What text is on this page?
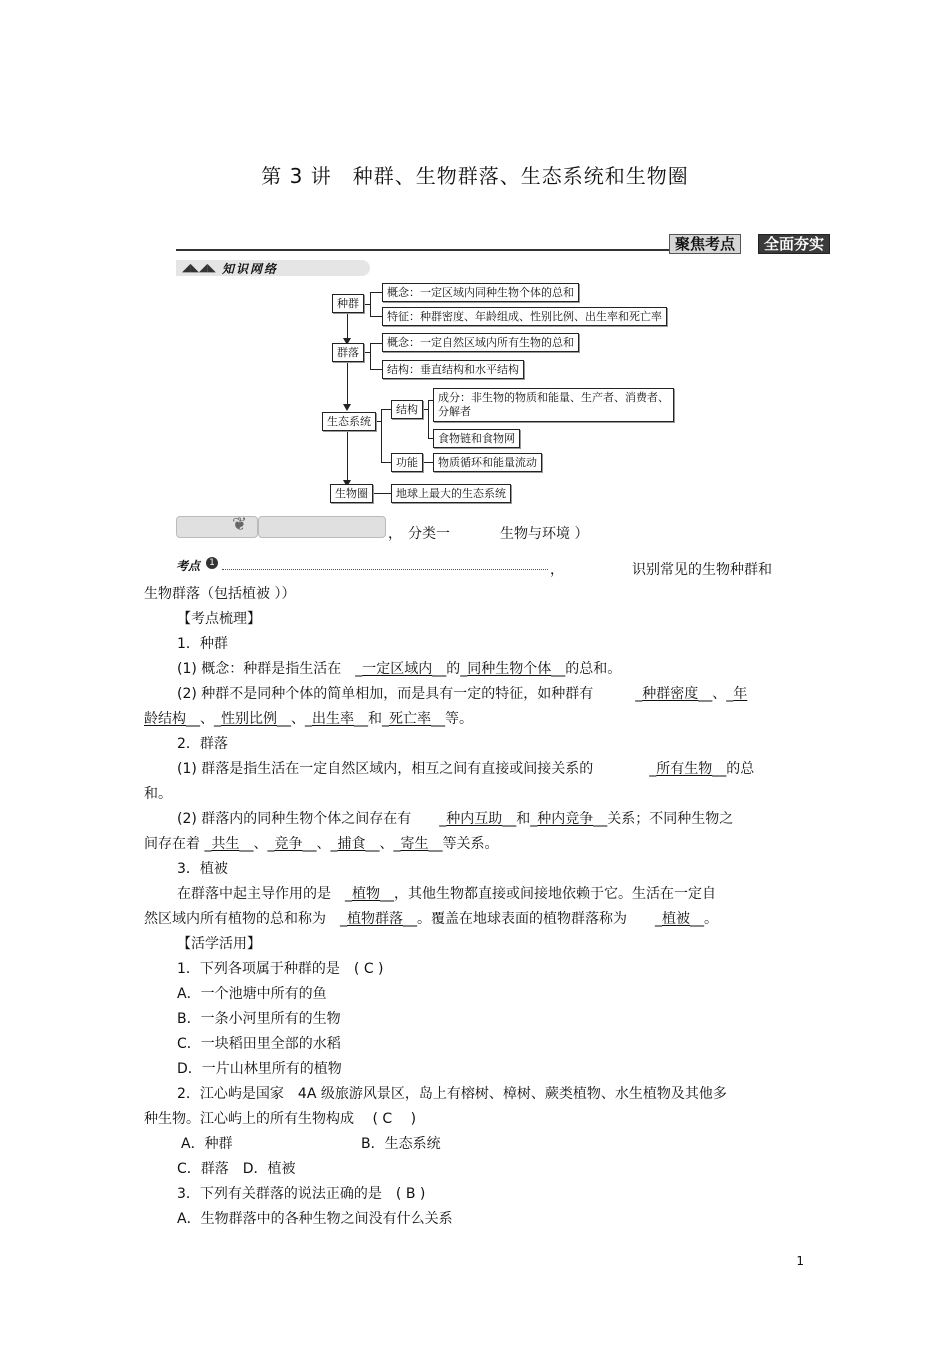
第 3 讲　种群、生物群落、生态系统和生物圈
聚焦考点	全面夯实
◢◣◢◣ 知识网络
种群
概念：一定区域内同种生物个体的总和
特征：种群密度、年龄组成、性别比例、出生率和死亡率
群落
概念：一定自然区域内所有生物的总和
结构：垂直结构和水平结构
生态系统
结构
成分：非生物的物质和能量、生产者、消费者、
分解者
食物链和食物网
功能	物质循环和能量流动
生物圈	地球上最大的生态系统
❦	， 分类一	生物与环境 ）
考点	1	，	识别常见的生物种群和
生物群落（包括植被 ））
【考点梳理】
1．种群
(1) 概念：种群是指生活在　_一定区域内__的_同种生物个体__的总和。
(2) 种群不是同种个体的简单相加，而是具有一定的特征，如种群有　　　_种群密度__、_年
龄结构__、_性别比例__、_出生率__和_死亡率__等。
2．群落
(1) 群落是指生活在一定自然区域内，相互之间有直接或间接关系的　　　　_所有生物__的总
和。
(2) 群落内的同种生物个体之间存在有　　_种内互助__和_种内竞争__关系；不同种生物之
间存在着 _共生__、_竞争__、_捕食__、_寄生__等关系。
3．植被
在群落中起主导作用的是　_植物__，其他生物都直接或间接地依赖于它。生活在一定自
然区域内所有植物的总和称为　_植物群落__。覆盖在地球表面的植物群落称为　　_植被__。
【活学活用】
1．下列各项属于种群的是　( C )
A．一个池塘中所有的鱼
B．一条小河里所有的生物
C．一块稻田里全部的水稻
D．一片山林里所有的植物
2．江心屿是国家　4A 级旅游风景区，岛上有榕树、樟树、蕨类植物、水生植物及其他多
种生物。江心屿上的所有生物构成　 ( C　 )
A．种群	B．生态系统
C．群落　D．植被
3．下列有关群落的说法正确的是　( B )
A．生物群落中的各种生物之间没有什么关系
1
